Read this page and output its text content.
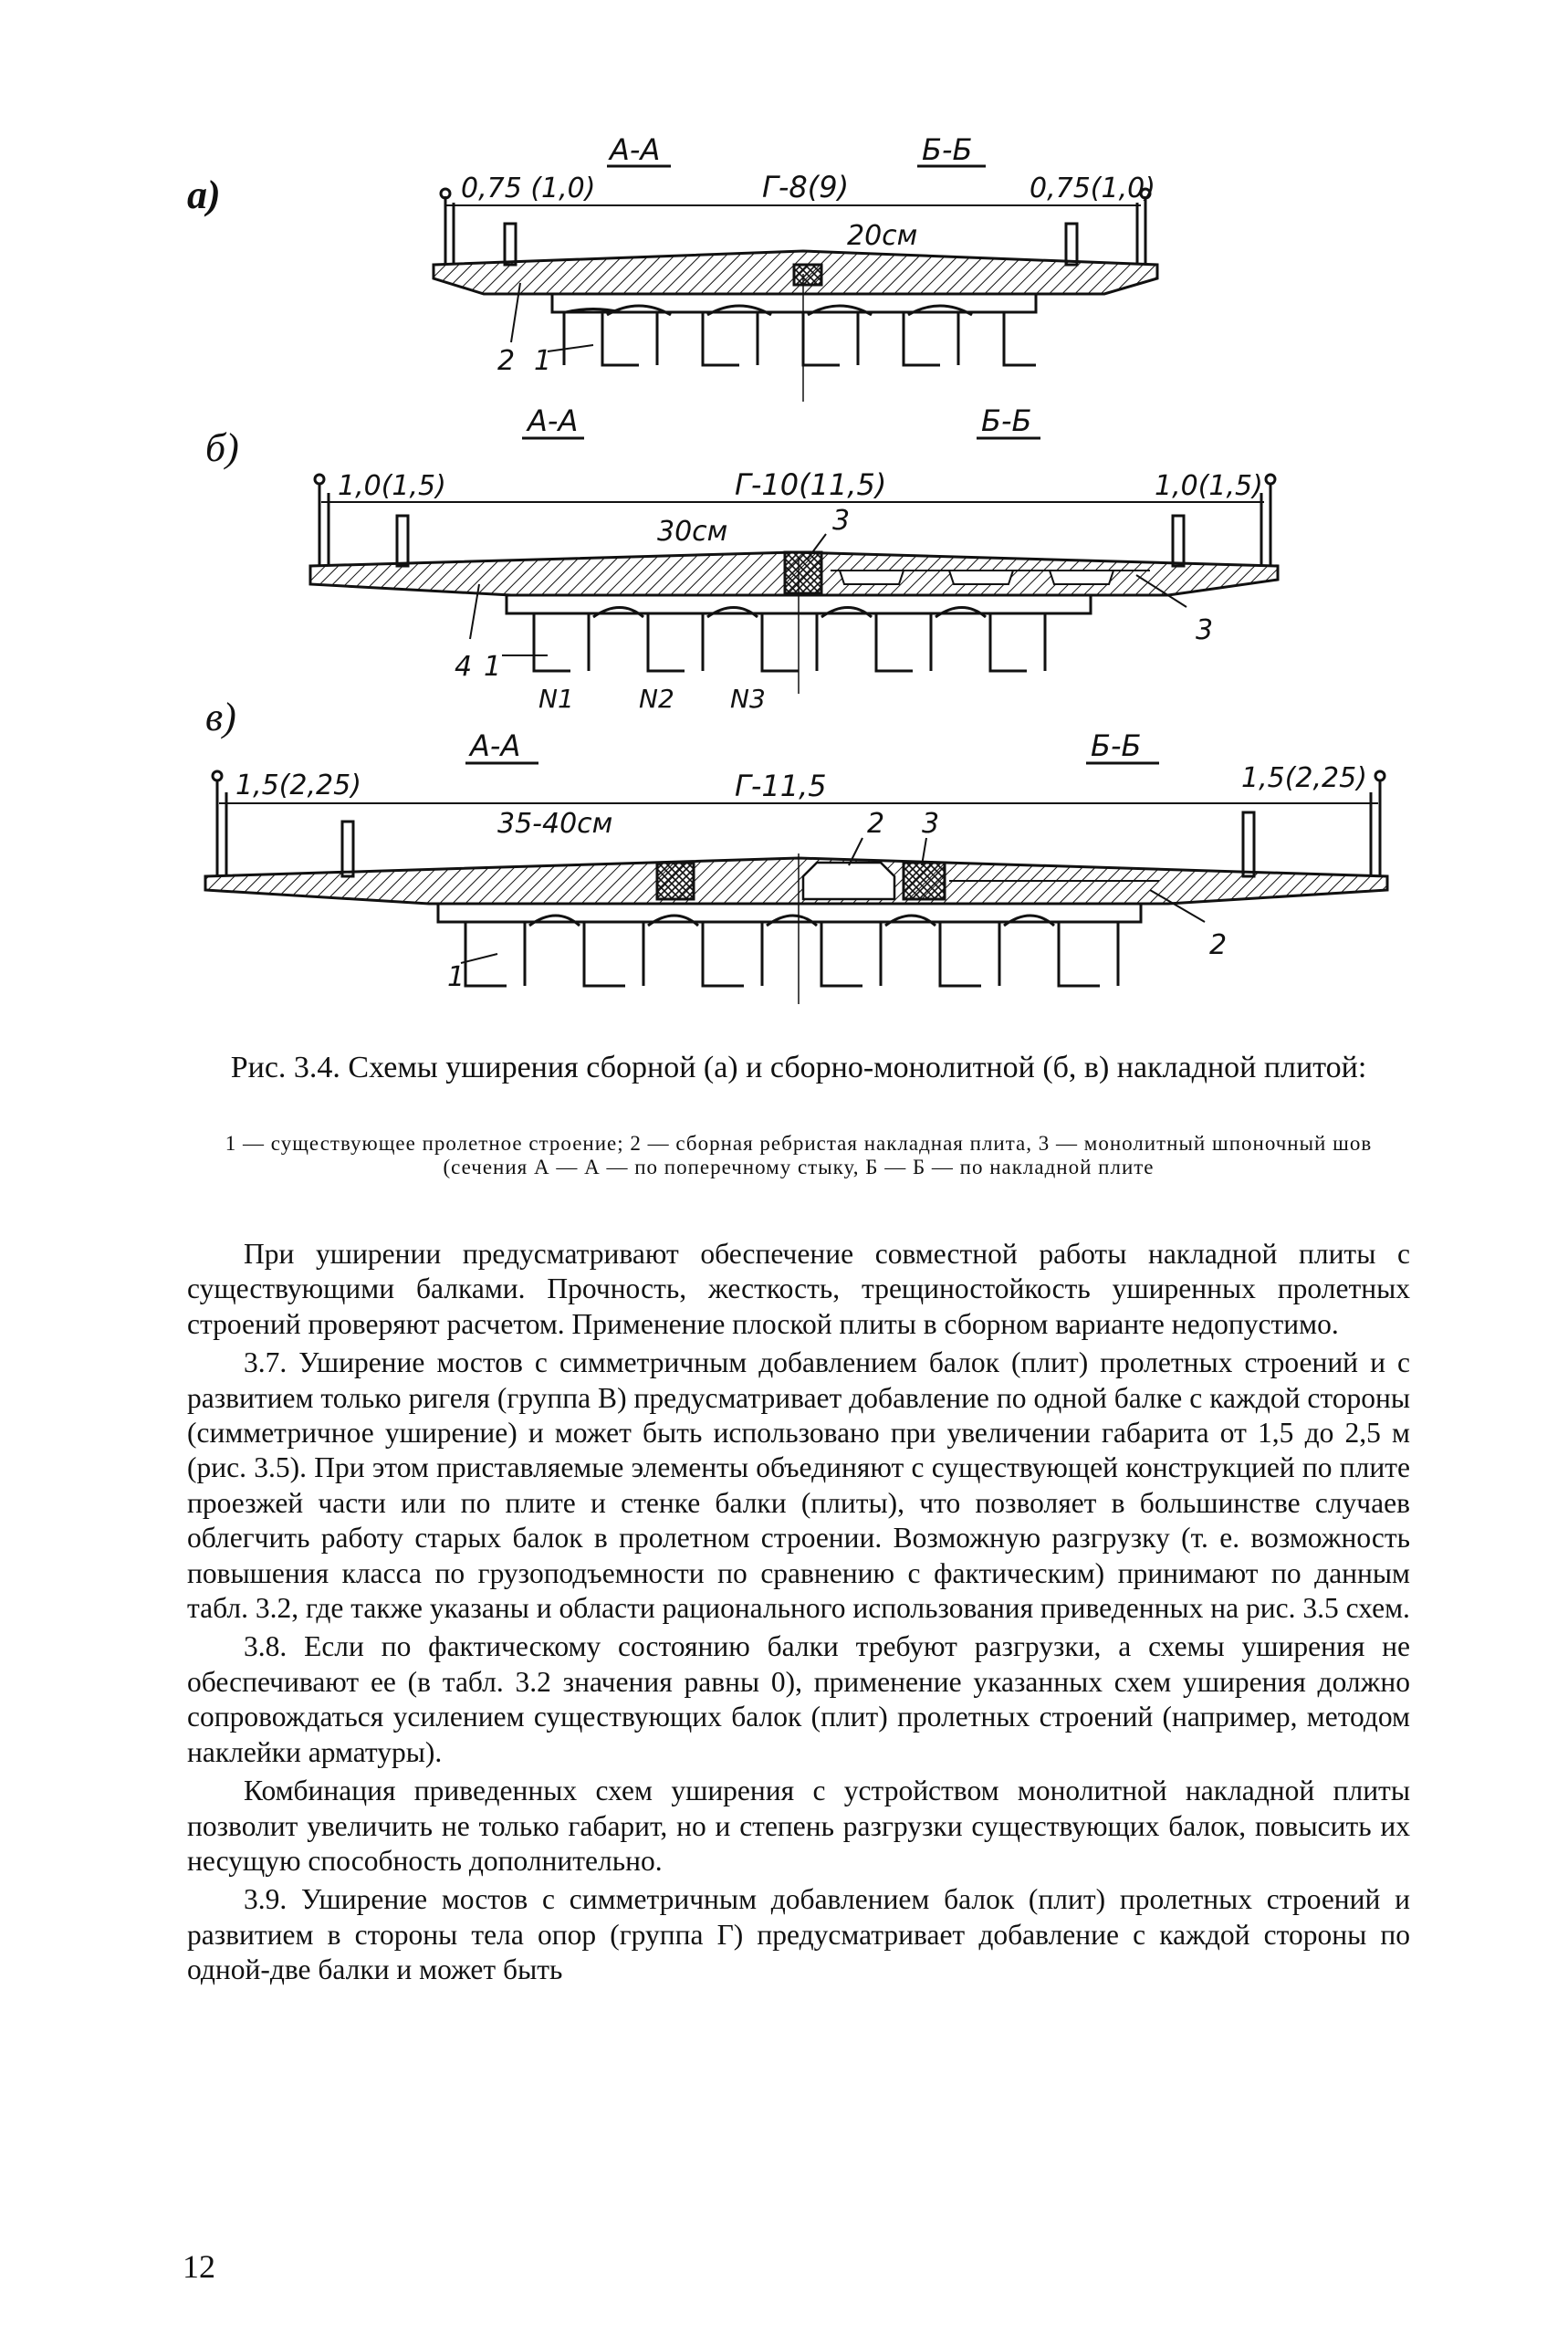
а)
А-А	Б-Б
0,75 (1,0)	Г-8(9)	0,75(1,0)
20см
2 1
б)
А-А	Б-Б
1,0(1,5)	Г-10(11,5)	1,0(1,5)
30см
4 1
3
3
N1	N2 N3
в)
А-А	Б-Б
1,5(2,25)	Г-11,5	1,5(2,25)
35-40см
1
2 3
2
Рис. 3.4. Схемы уширения сборной (а) и сборно-монолитной (б, в) накладной плитой:
1 — существующее пролетное строение; 2 — сборная ребристая накладная плита, 3 — монолитный шпоночный шов (сечения А — А — по поперечному стыку, Б — Б — по накладной плите

При уширении предусматривают обеспечение совместной работы накладной плиты с существующими балками. Прочность, жесткость, трещиностойкость уширенных пролетных строений проверяют расчетом. Применение плоской плиты в сборном варианте недопустимо.

3.7. Уширение мостов с симметричным добавлением балок (плит) пролетных строений и с развитием только ригеля (группа В) предусматривает добавление по одной балке с каждой стороны (симметричное уширение) и может быть использовано при увеличении габарита от 1,5 до 2,5 м (рис. 3.5). При этом приставляемые элементы объединяют с существующей конструкцией по плите проезжей части или по плите и стенке балки (плиты), что позволяет в большинстве случаев облегчить работу старых балок в пролетном строении. Возможную разгрузку (т. е. возможность повышения класса по грузоподъемности по сравнению с фактическим) принимают по данным табл. 3.2, где также указаны и области рационального использования приведенных на рис. 3.5 схем.

3.8. Если по фактическому состоянию балки требуют разгрузки, а схемы уширения не обеспечивают ее (в табл. 3.2 значения равны 0), применение указанных схем уширения должно сопровождаться усилением существующих балок (плит) пролетных строений (например, методом наклейки арматуры).

Комбинация приведенных схем уширения с устройством монолитной накладной плиты позволит увеличить не только габарит, но и степень разгрузки существующих балок, повысить их несущую способность дополнительно.

3.9. Уширение мостов с симметричным добавлением балок (плит) пролетных строений и развитием в стороны тела опор (группа Г) предусматривает добавление с каждой стороны по одной-две балки и может быть

12
